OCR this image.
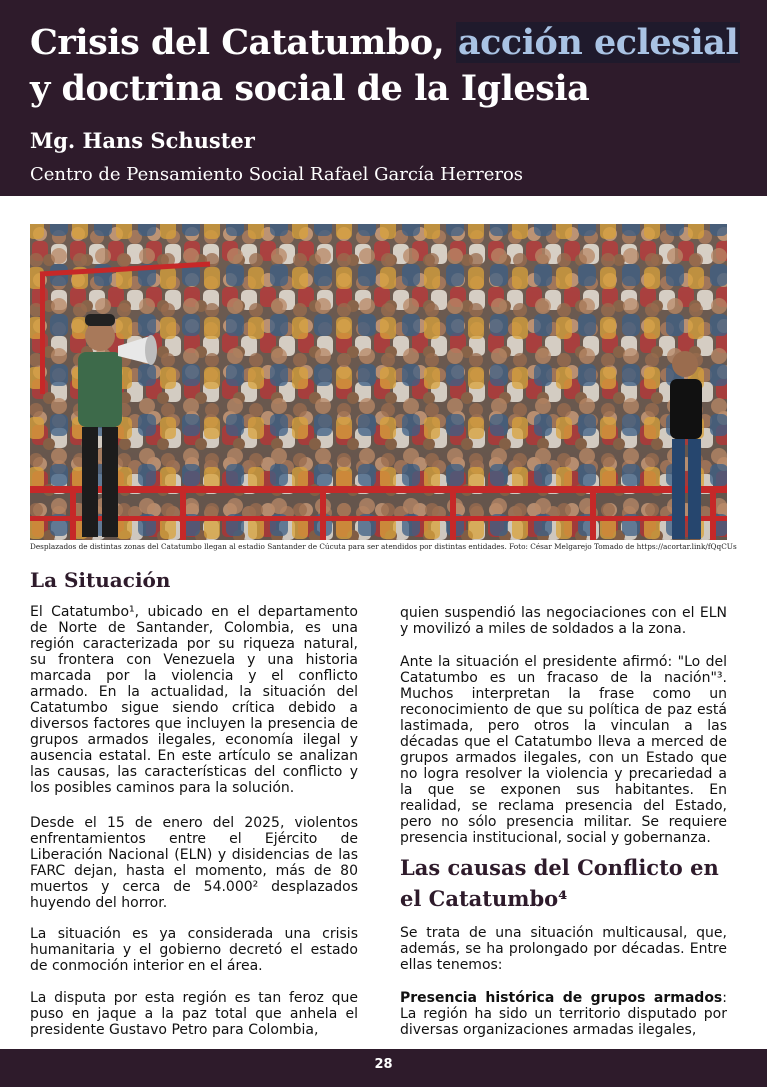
Crisis del Catatumbo, acción eclesial
y doctrina social de la Iglesia

Mg. Hans Schuster

Centro de Pensamiento Social Rafael García Herreros

Desplazados de distintas zonas del Catatumbo llegan al estadio Santander de Cúcuta para ser atendidos por distintas entidades. Foto: César Melgarejo Tomado de https://acortar.link/fQqCUs

La Situación

El Catatumbo¹, ubicado en el departamento de Norte de Santander, Colombia, es una región caracterizada por su riqueza natural, su frontera con Venezuela y una historia marcada por la violencia y el conflicto armado. En la actualidad, la situación del Catatumbo sigue siendo crítica debido a diversos factores que incluyen la presencia de grupos armados ilegales, economía ilegal y ausencia estatal. En este artículo se analizan las causas, las características del conflicto y los posibles caminos para la solución.

Desde el 15 de enero del 2025, violentos enfrentamientos entre el Ejército de Liberación Nacional (ELN) y disidencias de las FARC dejan, hasta el momento, más de 80 muertos y cerca de 54.000² desplazados huyendo del horror.

La situación es ya considerada una crisis humanitaria y el gobierno decretó el estado de conmoción interior en el área.

La disputa por esta región es tan feroz que puso en jaque a la paz total que anhela el presidente Gustavo Petro para Colombia,

quien suspendió las negociaciones con el ELN y movilizó a miles de soldados a la zona.

Ante la situación el presidente afirmó: "Lo del Catatumbo es un fracaso de la nación"³. Muchos interpretan la frase como un reconocimiento de que su política de paz está lastimada, pero otros la vinculan a las décadas que el Catatumbo lleva a merced de grupos armados ilegales, con un Estado que no logra resolver la violencia y precariedad a la que se exponen sus habitantes. En realidad, se reclama presencia del Estado, pero no sólo presencia militar. Se requiere presencia institucional, social y gobernanza.

Las causas del Conflicto en el Catatumbo⁴

Se trata de una situación multicausal, que, además, se ha prolongado por décadas. Entre ellas tenemos:

Presencia histórica de grupos armados: La región ha sido un territorio disputado por diversas organizaciones armadas ilegales,

28
